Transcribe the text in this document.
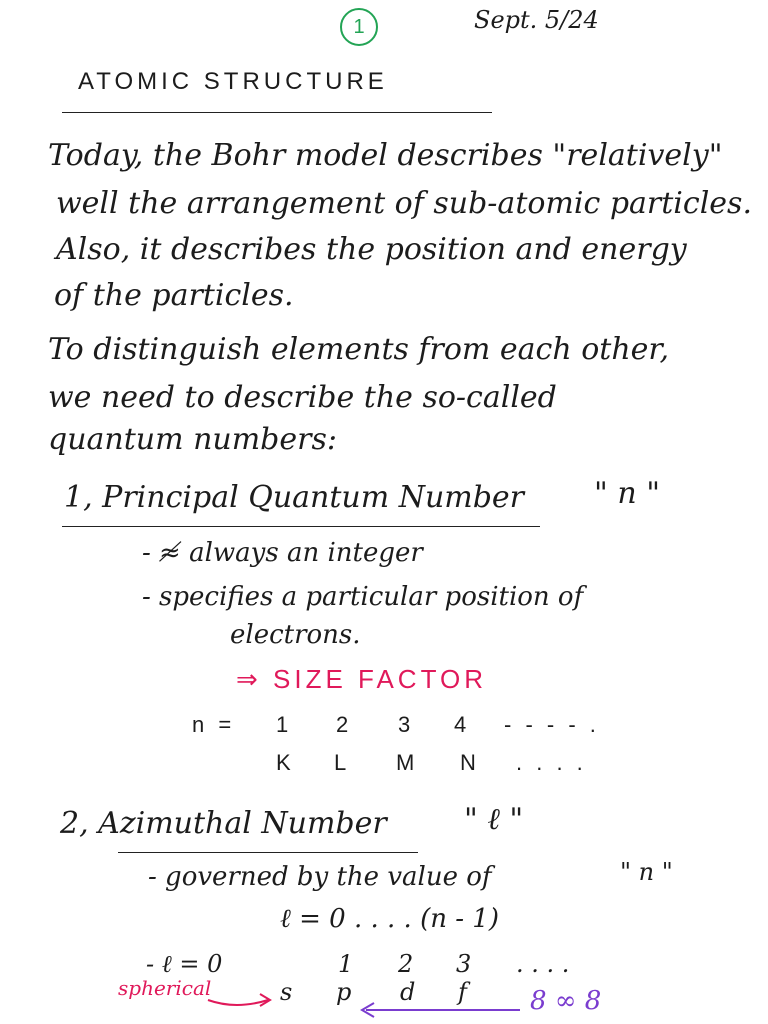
1	Sept. 5/24
ATOMIC STRUCTURE
Today, the Bohr model describes "relatively"
well the arrangement of sub-atomic particles.
Also, it describes the position and energy
of the particles.
To distinguish elements from each other,
we need to describe the so-called
quantum numbers:
1, Principal Quantum Number " n "
- ≉ always an integer
- specifies a particular position of
electrons.
⇒ SIZE FACTOR
n = 1 2 3 4 - - - - .
K L M N . . . .
2, Azimuthal Number	" ℓ "
- governed by the value of	" n "
ℓ = 0 . . . . (n - 1)
- ℓ = 0	1 2 3 . . . .
spherical	s p d f 8 ∞ 8
